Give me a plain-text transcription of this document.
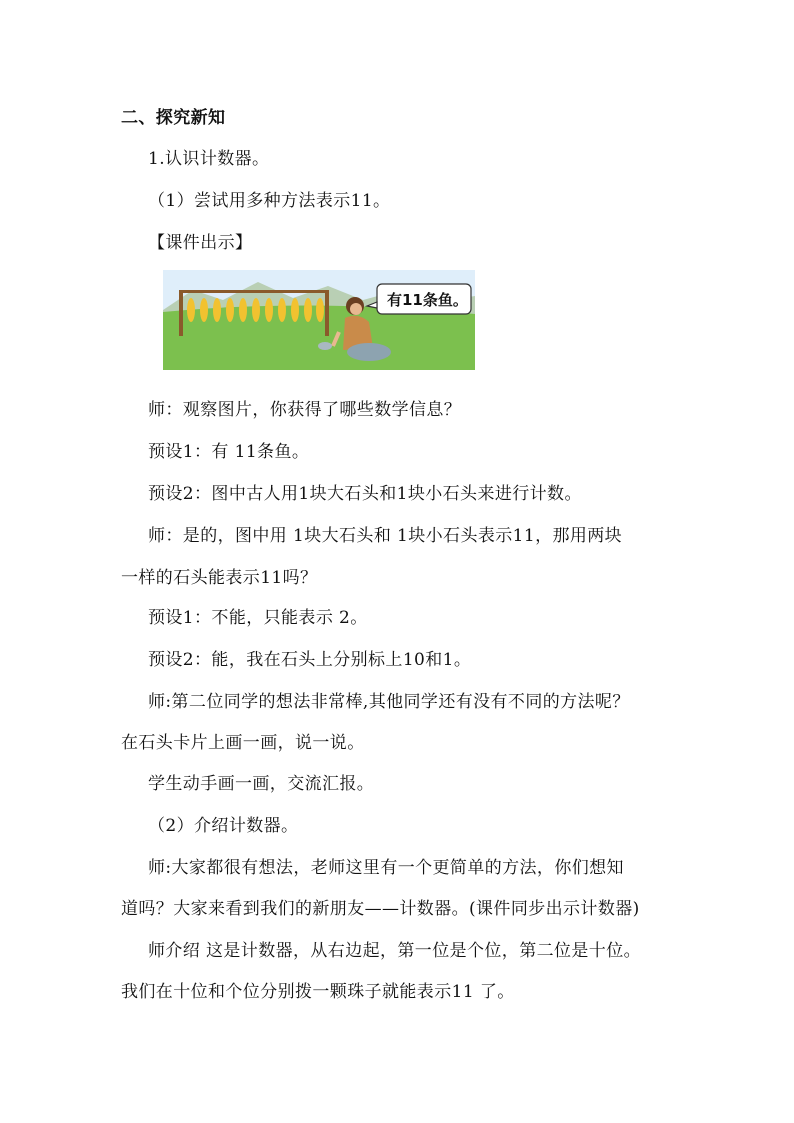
二、探究新知
1.认识计数器。
（1）尝试用多种方法表示11。
【课件出示】
有11条鱼。
师：观察图片，你获得了哪些数学信息？
预设1：有 11条鱼。
预设2：图中古人用1块大石头和1块小石头来进行计数。
师：是的，图中用 1块大石头和 1块小石头表示11，那用两块
一样的石头能表示11吗？
预设1：不能，只能表示 2。
预设2：能，我在石头上分别标上10和1。
师:第二位同学的想法非常棒,其他同学还有没有不同的方法呢？
在石头卡片上画一画，说一说。
学生动手画一画，交流汇报。
（2）介绍计数器。
师:大家都很有想法，老师这里有一个更简单的方法，你们想知
道吗？大家来看到我们的新朋友——计数器。(课件同步出示计数器)
师介绍 这是计数器，从右边起，第一位是个位，第二位是十位。
我们在十位和个位分别拨一颗珠子就能表示11 了。
